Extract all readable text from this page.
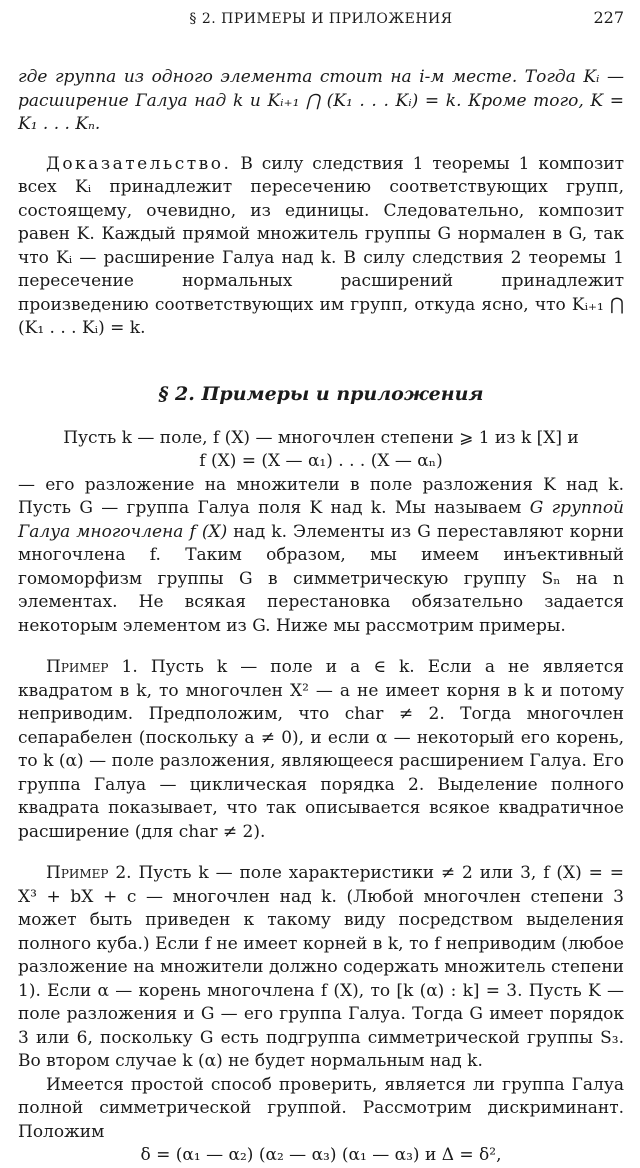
§ 2. ПРИМЕРЫ И ПРИЛОЖЕНИЯ	227

где группа из одного элемента стоит на i-м месте. Тогда Kᵢ — расширение Галуа над k и Kᵢ₊₁ ⋂ (K₁ . . . Kᵢ) = k. Кроме того, K = K₁ . . . Kₙ.

Доказательство. В силу следствия 1 теоремы 1 композит всех Kᵢ принадлежит пересечению соответствующих групп, состоящему, очевидно, из единицы. Следовательно, композит равен K. Каждый прямой множитель группы G нормален в G, так что Kᵢ — расширение Галуа над k. В силу следствия 2 теоремы 1 пересечение нормальных расширений принадлежит произведению соответствующих им групп, откуда ясно, что Kᵢ₊₁ ⋂ (K₁ . . . Kᵢ) = k.

§ 2. Примеры и приложения

Пусть k — поле, f (X) — многочлен степени ⩾ 1 из k [X] и

f (X) = (X — α₁) . . . (X — αₙ)

— его разложение на множители в поле разложения K над k. Пусть G — группа Галуа поля K над k. Мы называем G группой Галуа многочлена f (X) над k. Элементы из G переставляют корни многочлена f. Таким образом, мы имеем инъективный гомоморфизм группы G в симметрическую группу Sₙ на n элементах. Не всякая перестановка обязательно задается некоторым элементом из G. Ниже мы рассмотрим примеры.

Пример 1. Пусть k — поле и a ∈ k. Если a не является квадратом в k, то многочлен X² — a не имеет корня в k и потому неприводим. Предположим, что char ≠ 2. Тогда многочлен сепарабелен (поскольку a ≠ 0), и если α — некоторый его корень, то k (α) — поле разложения, являющееся расширением Галуа. Его группа Галуа — циклическая порядка 2. Выделение полного квадрата показывает, что так описывается всякое квадратичное расширение (для char ≠ 2).

Пример 2. Пусть k — поле характеристики ≠ 2 или 3, f (X) = = X³ + bX + c — многочлен над k. (Любой многочлен степени 3 может быть приведен к такому виду посредством выделения полного куба.) Если f не имеет корней в k, то f неприводим (любое разложение на множители должно содержать множитель степени 1). Если α — корень многочлена f (X), то [k (α) : k] = 3. Пусть K — поле разложения и G — его группа Галуа. Тогда G имеет порядок 3 или 6, поскольку G есть подгруппа симметрической группы S₃. Во втором случае k (α) не будет нормальным над k.

Имеется простой способ проверить, является ли группа Галуа полной симметрической группой. Рассмотрим дискриминант. Положим

δ = (α₁ — α₂) (α₂ — α₃) (α₁ — α₃) и Δ = δ²,
